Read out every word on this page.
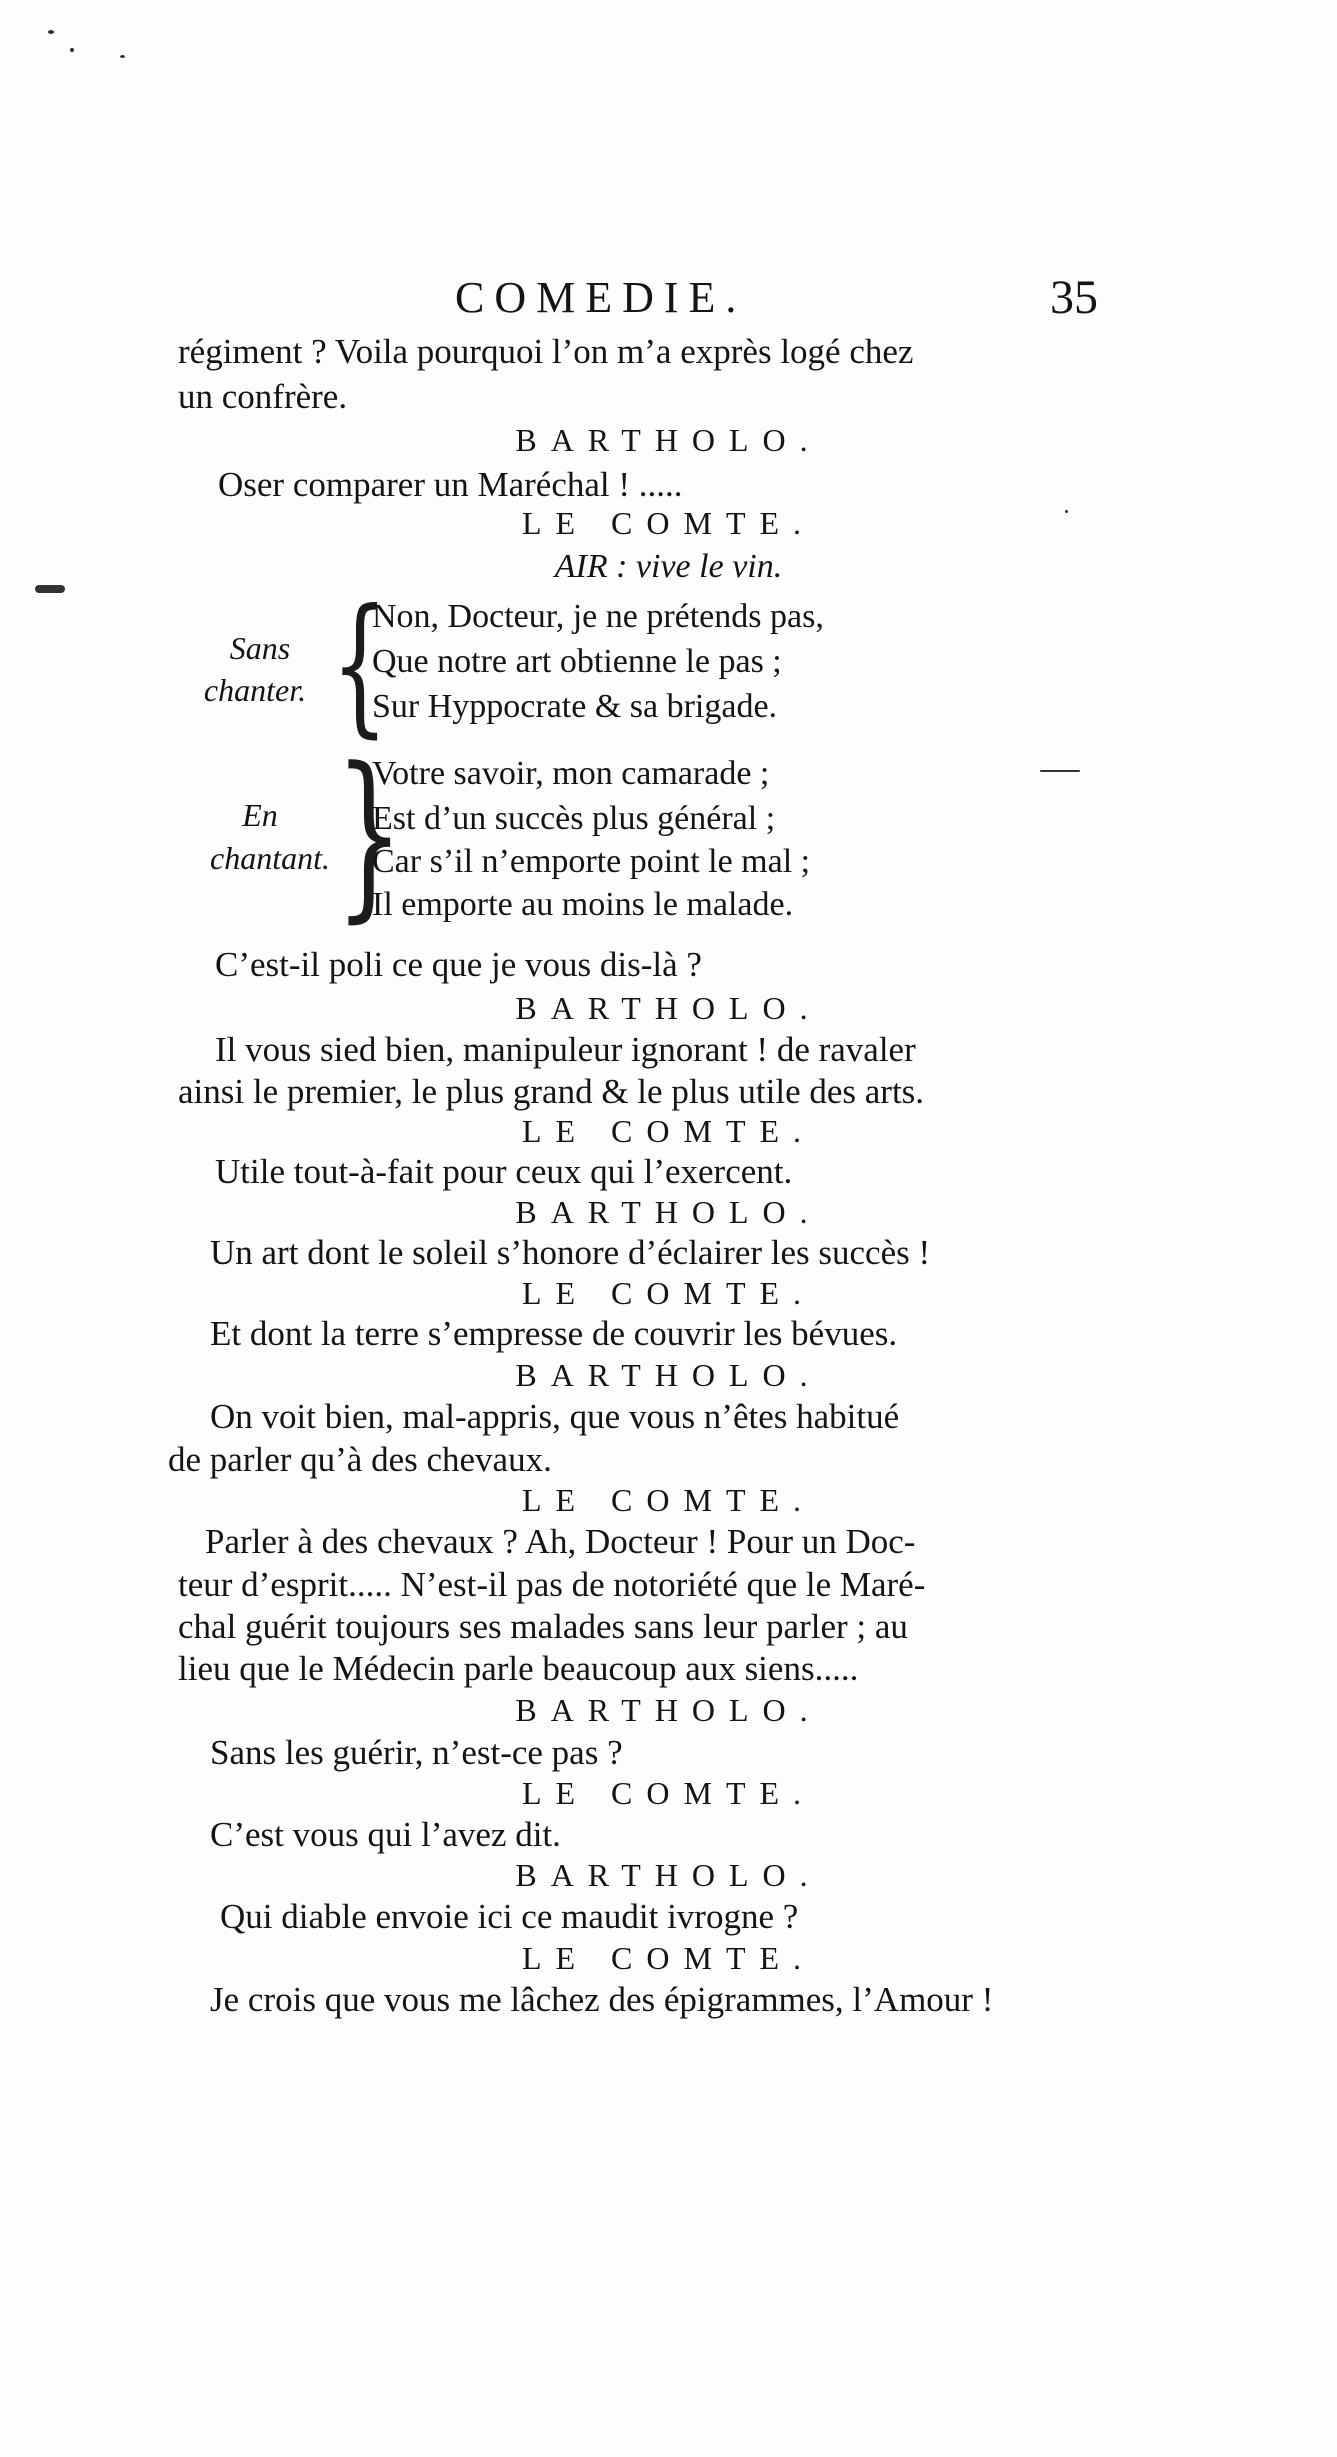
COMEDIE.	35
régiment ? Voila pourquoi l’on m’a exprès logé chez
un confrère.
BARTHOLO.
Oser comparer un Maréchal ! .....
LE COMTE.
AIR : vive le vin.
Sans
chanter. {
Non, Docteur, je ne prétends pas,
Que notre art obtienne le pas ;
Sur Hyppocrate & sa brigade.
En
chantant. }
Votre savoir, mon camarade ;
Est d’un succès plus général ;
Car s’il n’emporte point le mal ;
Il emporte au moins le malade.
C’est-il poli ce que je vous dis-là ?
BARTHOLO.
Il vous sied bien, manipuleur ignorant ! de ravaler
ainsi le premier, le plus grand & le plus utile des arts.
LE COMTE.
Utile tout-à-fait pour ceux qui l’exercent.
BARTHOLO.
Un art dont le soleil s’honore d’éclairer les succès !
LE COMTE.
Et dont la terre s’empresse de couvrir les bévues.
BARTHOLO.
On voit bien, mal-appris, que vous n’êtes habitué
de parler qu’à des chevaux.
LE COMTE.
Parler à des chevaux ? Ah, Docteur ! Pour un Doc-
teur d’esprit..... N’est-il pas de notoriété que le Maré-
chal guérit toujours ses malades sans leur parler ; au
lieu que le Médecin parle beaucoup aux siens.....
BARTHOLO.
Sans les guérir, n’est-ce pas ?
LE COMTE.
C’est vous qui l’avez dit.
BARTHOLO.
Qui diable envoie ici ce maudit ivrogne ?
LE COMTE.
Je crois que vous me lâchez des épigrammes, l’Amour !
